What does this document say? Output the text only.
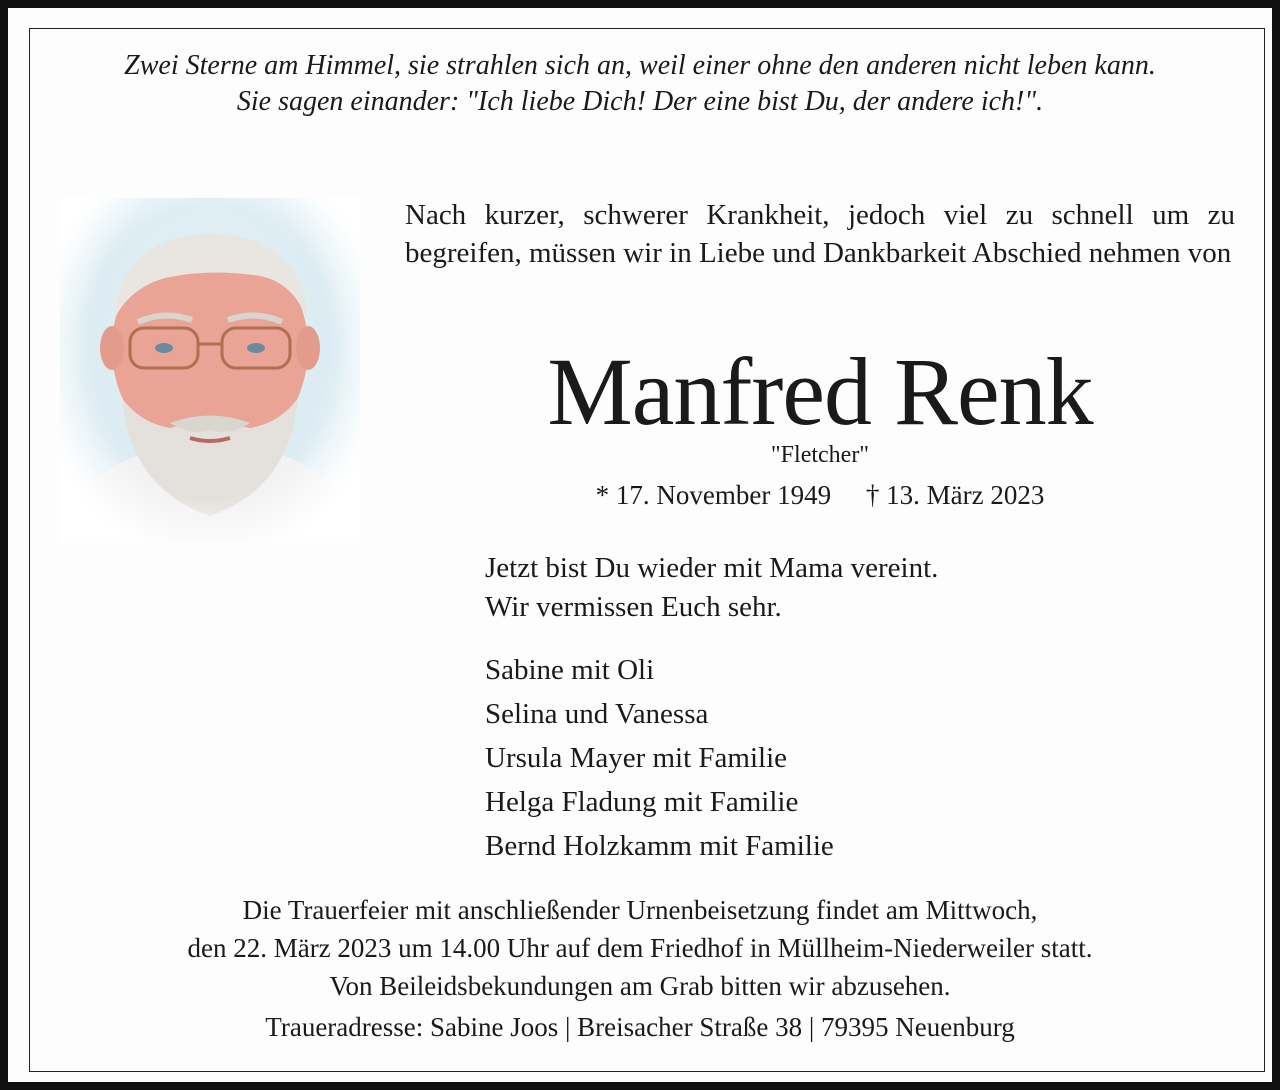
Zwei Sterne am Himmel, sie strahlen sich an, weil einer ohne den anderen nicht leben kann.
Sie sagen einander: "Ich liebe Dich! Der eine bist Du, der andere ich!".
Nach kurzer, schwerer Krankheit, jedoch viel zu schnell um zu begreifen, müssen wir in Liebe und Dankbarkeit Abschied nehmen von
Manfred Renk
"Fletcher"
* 17. November 1949 † 13. März 2023
Jetzt bist Du wieder mit Mama vereint.
Wir vermissen Euch sehr.
Sabine mit Oli
Selina und Vanessa
Ursula Mayer mit Familie
Helga Fladung mit Familie
Bernd Holzkamm mit Familie
Die Trauerfeier mit anschließender Urnenbeisetzung findet am Mittwoch,
den 22. März 2023 um 14.00 Uhr auf dem Friedhof in Müllheim-Niederweiler statt.
Von Beileidsbekundungen am Grab bitten wir abzusehen.
Traueradresse: Sabine Joos | Breisacher Straße 38 | 79395 Neuenburg
